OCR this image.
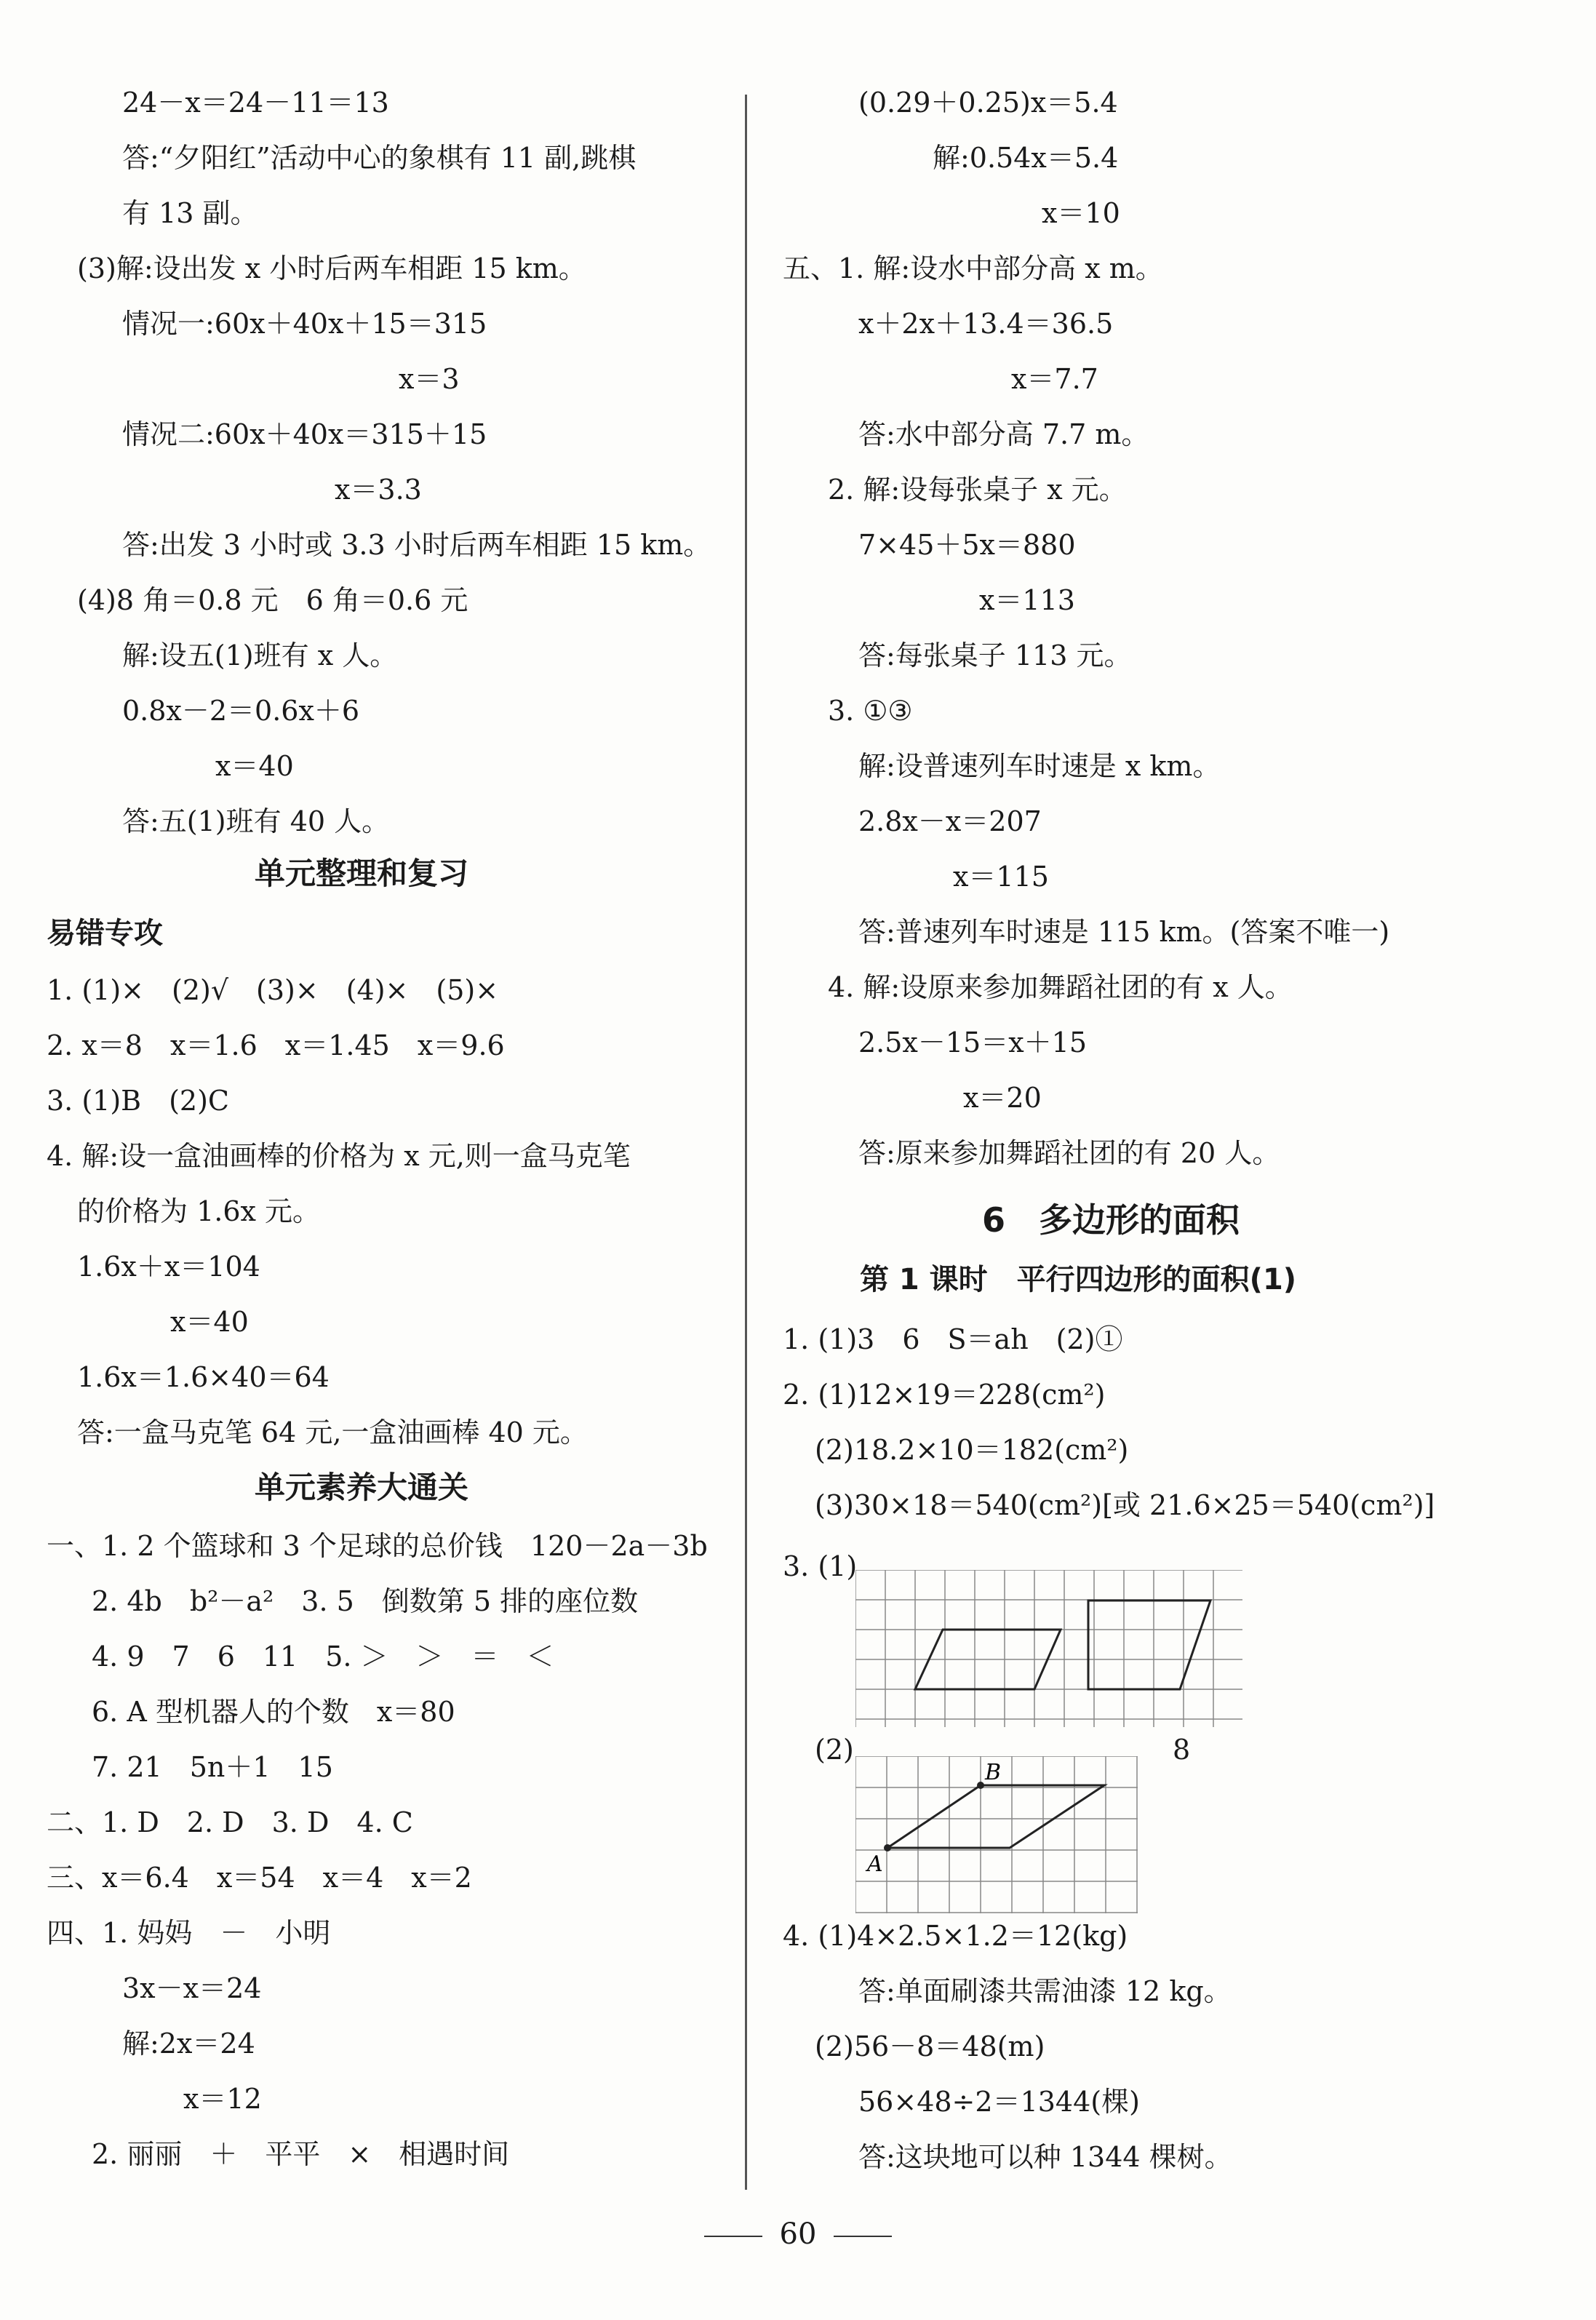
24－x＝24－11＝13
答:“夕阳红”活动中心的象棋有 11 副,跳棋
有 13 副。
(3)解:设出发 x 小时后两车相距 15 km。
情况一:60x＋40x＋15＝315
x＝3
情况二:60x＋40x＝315＋15
x＝3.3
答:出发 3 小时或 3.3 小时后两车相距 15 km。
(4)8 角＝0.8 元　6 角＝0.6 元
解:设五(1)班有 x 人。
0.8x－2＝0.6x＋6
x＝40
答:五(1)班有 40 人。
单元整理和复习
易错专攻
1. (1)×　(2)√　(3)×　(4)×　(5)×
2. x＝8　x＝1.6　x＝1.45　x＝9.6
3. (1)B　(2)C
4. 解:设一盒油画棒的价格为 x 元,则一盒马克笔
的价格为 1.6x 元。
1.6x＋x＝104
x＝40
1.6x＝1.6×40＝64
答:一盒马克笔 64 元,一盒油画棒 40 元。
单元素养大通关
一、1. 2 个篮球和 3 个足球的总价钱　120－2a－3b
2. 4b　b²－a²　3. 5　倒数第 5 排的座位数
4. 9　7　6　11　5. ＞　＞　＝　＜
6. A 型机器人的个数　x＝80
7. 21　5n＋1　15
二、1. D　2. D　3. D　4. C
三、x＝6.4　x＝54　x＝4　x＝2
四、1. 妈妈　－　小明
3x－x＝24
解:2x＝24
x＝12
2. 丽丽　＋　平平　×　相遇时间
B
A
(0.29＋0.25)x＝5.4
解:0.54x＝5.4
x＝10
五、1. 解:设水中部分高 x m。
x＋2x＋13.4＝36.5
x＝7.7
答:水中部分高 7.7 m。
2. 解:设每张桌子 x 元。
7×45＋5x＝880
x＝113
答:每张桌子 113 元。
3. ①③
解:设普速列车时速是 x km。
2.8x－x＝207
x＝115
答:普速列车时速是 115 km。(答案不唯一)
4. 解:设原来参加舞蹈社团的有 x 人。
2.5x－15＝x＋15
x＝20
答:原来参加舞蹈社团的有 20 人。
6　多边形的面积
第 1 课时　平行四边形的面积(1)
1. (1)3　6　S＝ah　(2)①
2. (1)12×19＝228(cm²)
(2)18.2×10＝182(cm²)
(3)30×18＝540(cm²)[或 21.6×25＝540(cm²)]
3. (1)
(2)	8
4. (1)4×2.5×1.2＝12(kg)
答:单面刷漆共需油漆 12 kg。
(2)56－8＝48(m)
56×48÷2＝1344(棵)
答:这块地可以种 1344 棵树。
60
